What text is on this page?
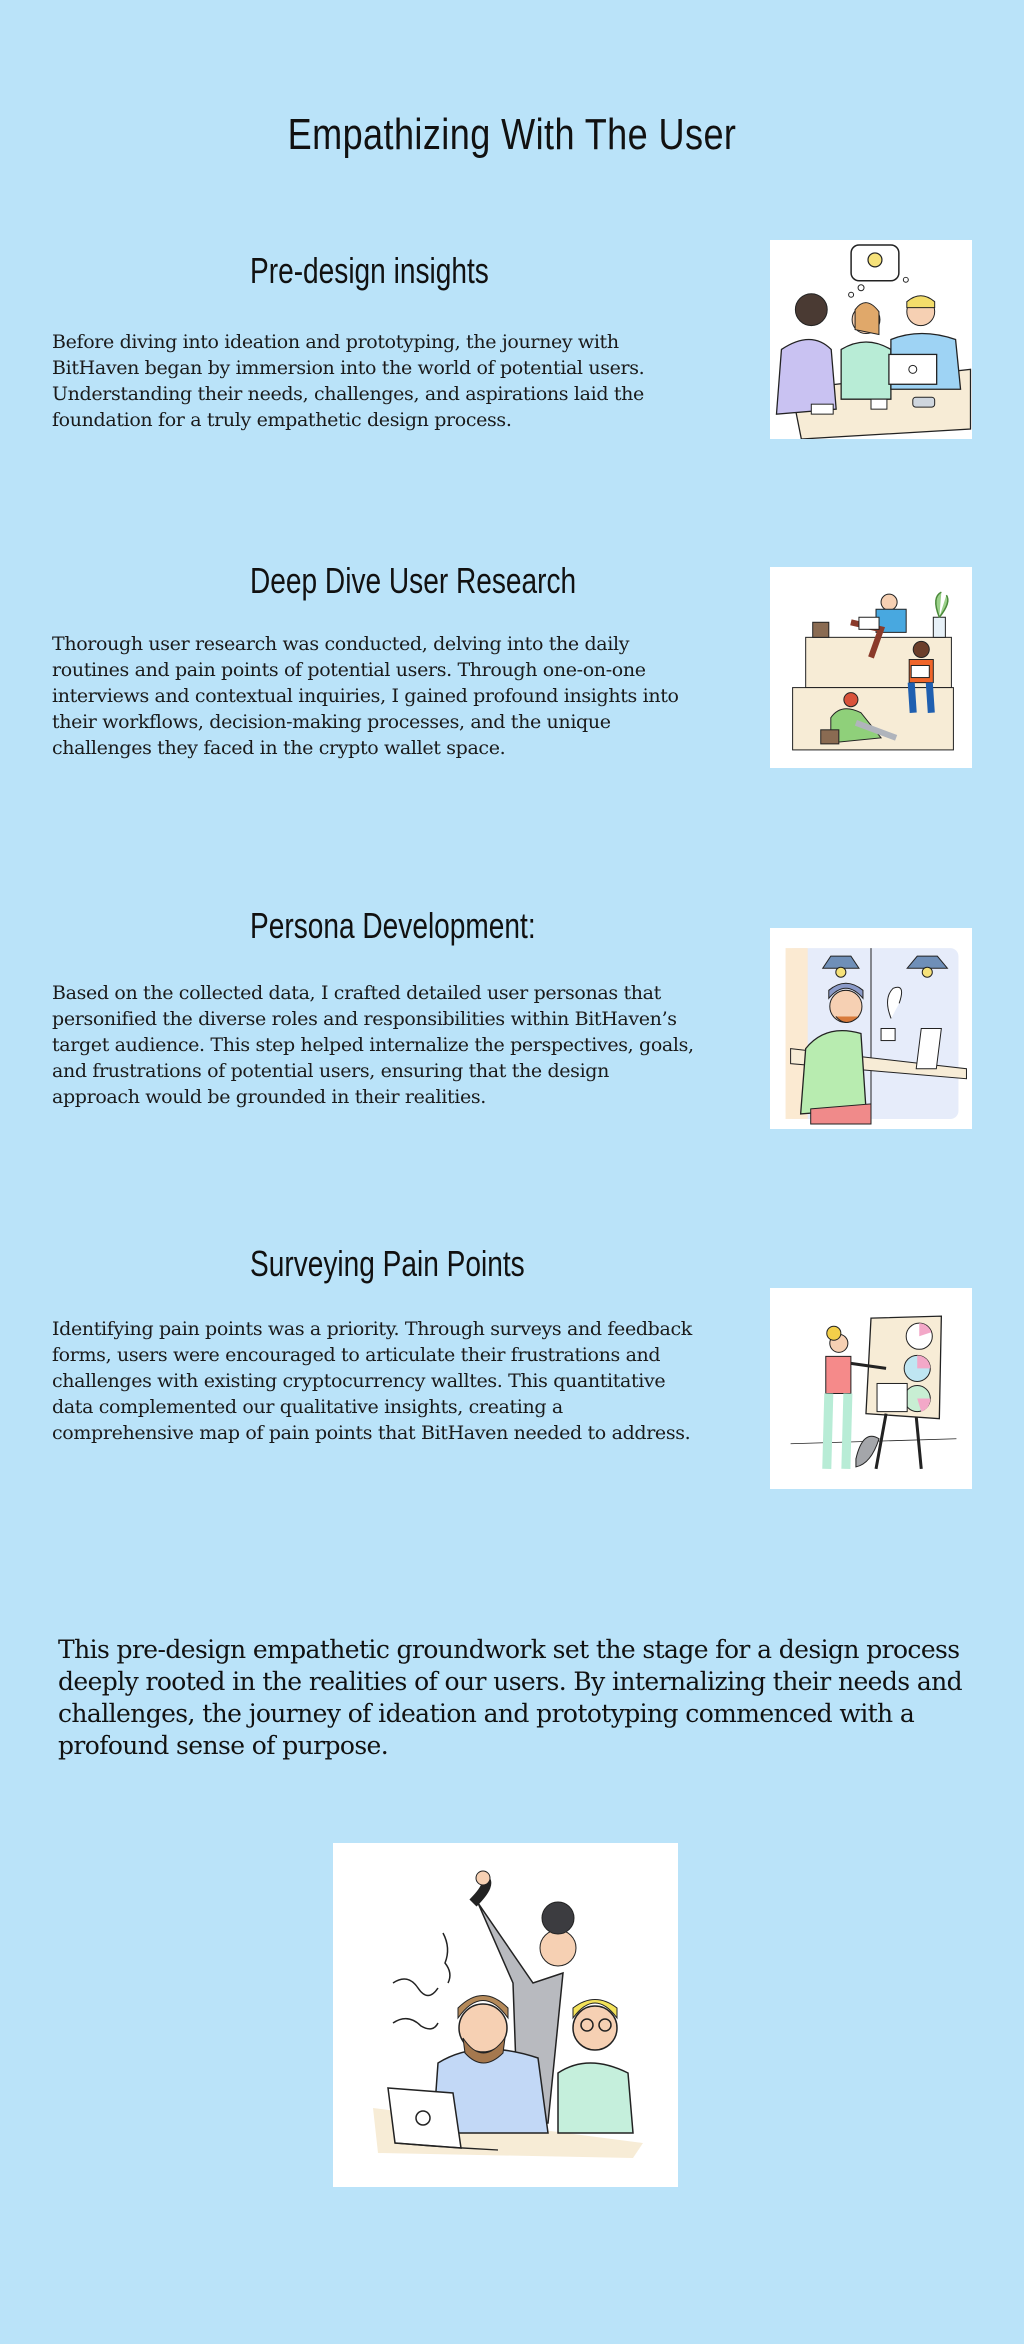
Empathizing With The User
Pre-design insights

Before diving into ideation and prototyping, the journey with BitHaven began by immersion into the world of potential users. Understanding their needs, challenges, and aspirations laid the foundation for a truly empathetic design process.

Deep Dive User Research

Thorough user research was conducted, delving into the daily routines and pain points of potential users. Through one-on-one interviews and contextual inquiries, I gained profound insights into their workflows, decision-making processes, and the unique challenges they faced in the crypto wallet space.

Persona Development:

Based on the collected data, I crafted detailed user personas that personified the diverse roles and responsibilities within BitHaven’s target audience. This step helped internalize the perspectives, goals, and frustrations of potential users, ensuring that the design approach would be grounded in their realities.

Surveying Pain Points

Identifying pain points was a priority. Through surveys and feedback forms, users were encouraged to articulate their frustrations and challenges with existing cryptocurrency walltes. This quantitative data complemented our qualitative insights, creating a comprehensive map of pain points that BitHaven needed to address.

This pre-design empathetic groundwork set the stage for a design process deeply rooted in the realities of our users. By internalizing their needs and challenges, the journey of ideation and prototyping commenced with a profound sense of purpose.
